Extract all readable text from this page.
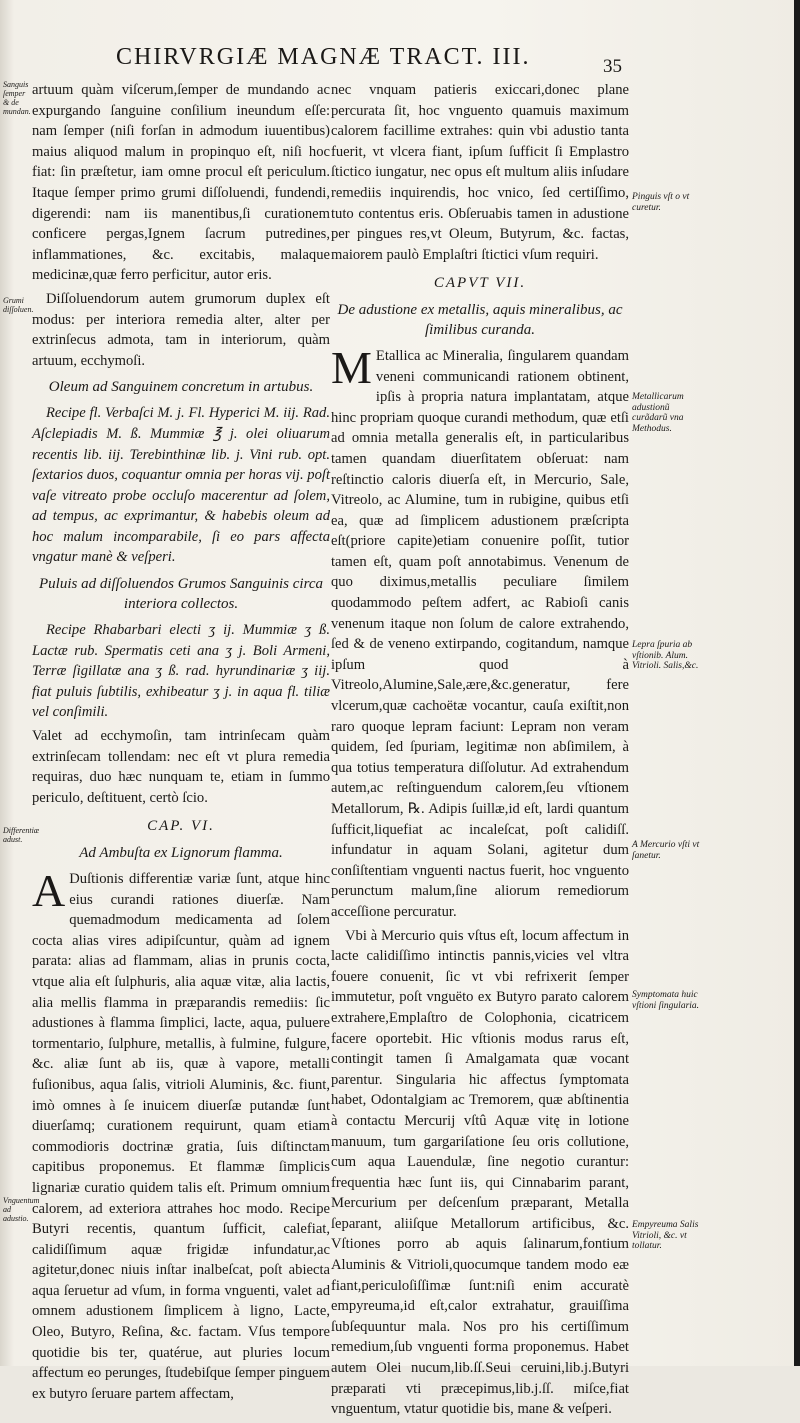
CHIRVRGIÆ MAGNÆ TRACT. III.	35
Sanguis ſemper & de mundan.
Grumi diſſoluen.
Differentiæ adust.
Vnguentum ad adustio.

artuum quàm viſcerum,ſemper de mundando ac expurgando ſanguine conſilium ineundum eſſe: nam ſemper (niſi forſan in admodum iuuentibus) maius aliquod malum in propinquo eſt, niſi hoc fiat: ſin præſtetur, iam omne procul eſt periculum. Itaque ſemper primo grumi diſſoluendi, fundendi, digerendi: nam iis manentibus,ſi curationem conficere pergas,Ignem ſacrum putredines, inflammationes, &c. excitabis, malaque medicinæ,quæ ferro perficitur, autor eris.

Diſſoluendorum autem grumorum duplex eſt modus: per interiora remedia alter, alter per extrinſecus admota, tam in interiorum, quàm artuum, ecchymoſi.

Oleum ad Sanguinem concretum in artubus.

Recipe fl. Verbaſci M. j. Fl. Hyperici M. iij. Rad. Aſclepiadis M. ß. Mummiæ ℥ j. olei oliuarum recentis lib. iij. Terebinthinæ lib. j. Vini rub. opt. ſextarios duos, coquantur omnia per horas vij. poſt vaſe vitreato probe occluſo macerentur ad ſolem, ad tempus, ac exprimantur, & habebis oleum ad hoc malum incomparabile, ſi eo pars affecta vngatur manè & veſperi.

Puluis ad diſſoluendos Grumos Sanguinis circa interiora collectos.

Recipe Rhabarbari electi ʒ ij. Mummiæ ʒ ß. Lactæ rub. Spermatis ceti ana ʒ j. Boli Armeni, Terræ ſigillatæ ana ʒ ß. rad. hyrundinariæ ʒ iij. fiat puluis ſubtilis, exhibeatur ʒ j. in aqua fl. tiliæ vel conſimili.

Valet ad ecchymoſin, tam intrinſecam quàm extrinſecam tollendam: nec eſt vt plura remedia requiras, duo hæc nunquam te, etiam in ſummo periculo, deſtituent, certò ſcio.

CAP. VI.
Ad Ambuſta ex Lignorum flamma.

A Duſtionis differentiæ variæ ſunt, atque hinc eius curandi rationes diuerſæ. Nam quemadmodum medicamenta ad ſolem cocta alias vires adipiſcuntur, quàm ad ignem parata: alias ad flammam, alias in prunis cocta, vtque alia eſt ſulphuris, alia aquæ vitæ, alia lactis, alia mellis flamma in præparandis remediis: ſic adustiones à flamma ſimplici, lacte, aqua, puluere tormentario, ſulphure, metallis, à fulmine, fulgure, &c. aliæ ſunt ab iis, quæ à vapore, metalli fuſionibus, aqua ſalis, vitrioli Aluminis, &c. fiunt, imò omnes à ſe inuicem diuerſæ putandæ ſunt diuerſamq; curationem requirunt, quam etiam commodioris doctrinæ gratia, ſuis diſtinctam capitibus proponemus. Et flammæ ſimplicis lignariæ curatio quidem talis eſt. Primum omnium calorem, ad exteriora attrahes hoc modo. Recipe Butyri recentis, quantum ſufficit, calefiat, calidiſſimum aquæ frigidæ infundatur,ac agitetur,donec niuis inſtar inalbeſcat, poſt abiecta aqua ſeruetur ad vſum, in forma vnguenti, valet ad omnem adustionem ſimplicem à ligno, Lacte, Oleo, Butyro, Reſina, &c. factam. Vſus tempore quotidie bis ter, quatérue, aut pluries locum affectum eo perunges, ſtudebiſque ſemper pinguem ex butyro ſeruare partem affectam,

nec vnquam patieris exiccari,donec plane percurata ſit, hoc vnguento quamuis maximum calorem facillime extrahes: quin vbi adustio tanta fuerit, vt vlcera fiant, ipſum ſufficit ſi Emplastro ſtictico iungatur, nec opus eſt multum aliis inſudare remediis inquirendis, hoc vnico, ſed certiſſimo, tuto contentus eris. Obſeruabis tamen in adustione per pingues res,vt Oleum, Butyrum, &c. factas, maiorem paulò Emplaſtri ſtictici vſum requiri.

CAPVT VII.
De adustione ex metallis, aquis mineralibus, ac ſimilibus curanda.

M Etallica ac Mineralia, ſingularem quandam veneni communicandi rationem obtinent, ipſis à propria natura implantatam, atque hinc propriam quoque curandi methodum, quæ etſi ad omnia metalla generalis eſt, in particularibus tamen quandam diuerſitatem obſeruat: nam reſtinctio caloris diuerſa eſt, in Mercurio, Sale, Vitreolo, ac Alumine, tum in rubigine, quibus etſi ea, quæ ad ſimplicem adustionem præſcripta eſt(priore capite)etiam conuenire poſſit, tutior tamen eſt, quam poſt annotabimus. Venenum de quo diximus,metallis peculiare ſimilem quodammodo peſtem adfert, ac Rabioſi canis venenum itaque non ſolum de calore extrahendo, ſed & de veneno extirpando, cogitandum, namque ipſum quod à Vitreolo,Alumine,Sale,ære,&c.generatur, fere vlcerum,quæ cachoëtæ vocantur, cauſa exiſtit,non raro quoque lepram faciunt: Lepram non veram quidem, ſed ſpuriam, legitimæ non abſimilem, à qua totius temperatura diſſolutur. Ad extrahendum autem,ac reſtinguendum calorem,ſeu vſtionem Metallorum, ℞. Adipis ſuillæ,id eſt, lardi quantum ſufficit,liquefiat ac incaleſcat, poſt calidiſſ. infundatur in aquam Solani, agitetur dum conſiſtentiam vnguenti nactus fuerit, hoc vnguento perunctum malum,ſine aliorum remediorum acceſſione percuratur.

Vbi à Mercurio quis vſtus eſt, locum affectum in lacte calidiſſimo intinctis pannis,vicies vel vltra fouere conuenit, ſic vt vbi refrixerit ſemper immutetur, poſt vnguëto ex Butyro parato calorem extrahere,Emplaſtro de Colophonia, cicatricem facere oportebit. Hic vſtionis modus rarus eſt, contingit tamen ſi Amalgamata quæ vocant parentur. Singularia hic affectus ſymptomata habet, Odontalgiam ac Tremorem, quæ abſtinentia à contactu Mercurij vſtû Aquæ vitę in lotione manuum, tum gargariſatione ſeu oris collutione, cum aqua Lauendulæ, ſine negotio curantur: frequentia hæc ſunt iis, qui Cinnabarim parant, Mercurium per deſcenſum præparant, Metalla ſeparant, aliiſque Metallorum artificibus, &c. Vſtiones porro ab aquis ſalinarum,fontium Aluminis & Vitrioli,quocumque tandem modo eæ fiant,periculoſiſſimæ ſunt:niſi enim accuratè empyreuma,id eſt,calor extrahatur, grauiſſima ſubſequuntur mala. Nos pro his certiſſimum remedium,ſub vnguenti forma proponemus. Habet autem Olei nucum,lib.ſſ.Seui ceruini,lib.j.Butyri præparati vti præcepimus,lib.j.ſſ. miſce,fiat vnguentum, vtatur quotidie bis, mane & veſperi.

Pinguis vſt o vt curetur.
Metallicarum adustionũ curãdarũ vna Methodus.
Lepra ſpuria ab vſtionib. Alum. Vitrioli. Salis,&c.
A Mercurio vſti vt ſanetur.
Symptomata huic vſtioni ſingularia.
Empyreuma Salis Vitrioli, &c. vt tollatur.
